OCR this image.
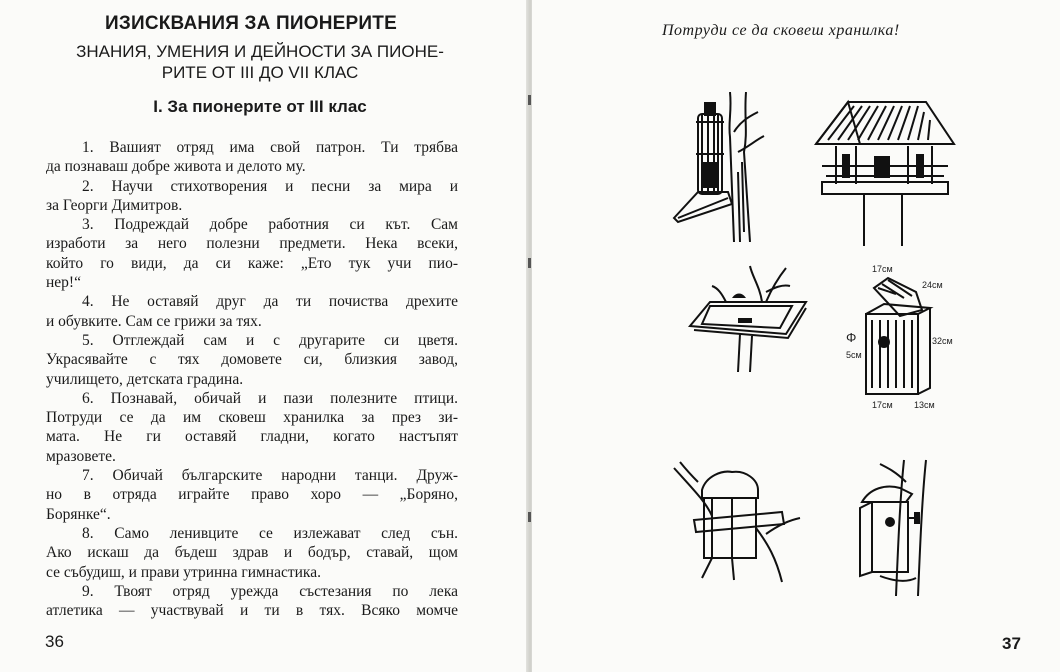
ИЗИСКВАНИЯ ЗА ПИОНЕРИТЕ
ЗНАНИЯ, УМЕНИЯ И ДЕЙНОСТИ ЗА ПИОНЕ-
РИТЕ ОТ III ДО VII КЛАС
I. За пионерите от III клас
1. Вашият отряд има свой патрон. Ти трябва
да познаваш добре живота и делото му.
2. Научи стихотворения и песни за мира и
за Георги Димитров.
3. Подреждай добре работния си кът. Сам
изработи за него полезни предмети. Нека всеки,
който го види, да си каже: „Ето тук учи пио-
нер!“
4. Не оставяй друг да ти почиства дрехите
и обувките. Сам се грижи за тях.
5. Отглеждай сам и с другарите си цветя.
Украсявайте с тях домовете си, близкия завод,
училището, детската градина.
6. Познавай, обичай и пази полезните птици.
Потруди се да им сковеш хранилка за през зи-
мата. Не ги оставяй гладни, когато настъпят
мразовете.
7. Обичай българските народни танци. Друж-
но в отряда играйте право хоро — „Боряно,
Борянке“.
8. Само ленивците се излежават след сън.
Ако искаш да бъдеш здрав и бодър, ставай, щом
се събудиш, и прави утринна гимнастика.
9. Твоят отряд урежда състезания по лека
атлетика — участвувай и ти в тях. Всяко момче
36
Потруди се да сковеш хранилка!
17см
24см
Φ
5см
32см
17см 13см
37
